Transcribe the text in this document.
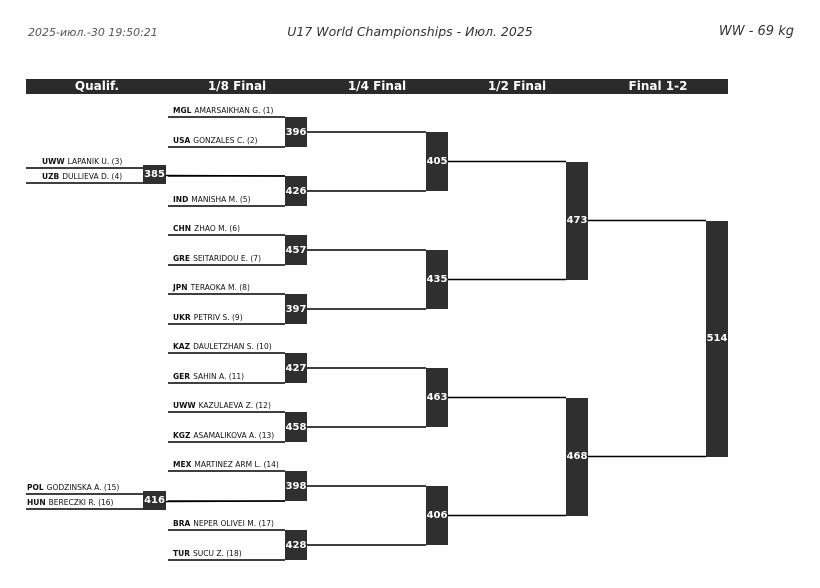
2025-июл.-30 19:50:21	U17 World Championships - Июл. 2025	WW - 69 kg
Qualif.	1/8 Final	1/4 Final	1/2 Final	Final 1-2
396
MGL AMARSAIKHAN G. (1)
USA GONZALES C. (2)
426
IND MANISHA M. (5)
457
CHN ZHAO M. (6)
GRE SEITARIDOU E. (7)
397
JPN TERAOKA M. (8)
UKR PETRIV S. (9)
427
KAZ DAULETZHAN S. (10)
GER SAHIN A. (11)
458
UWW KAZULAEVA Z. (12)
KGZ ASAMALIKOVA A. (13)
398
MEX MARTINEZ ARM L. (14)
428
BRA NEPER OLIVEI M. (17)
TUR SUCU Z. (18)
385
UWW LAPANIK U. (3)
UZB DULLIEVA D. (4)
416
POL GODZINSKA A. (15)
HUN BERECZKI R. (16)
405
435
463
406
473
468
514
